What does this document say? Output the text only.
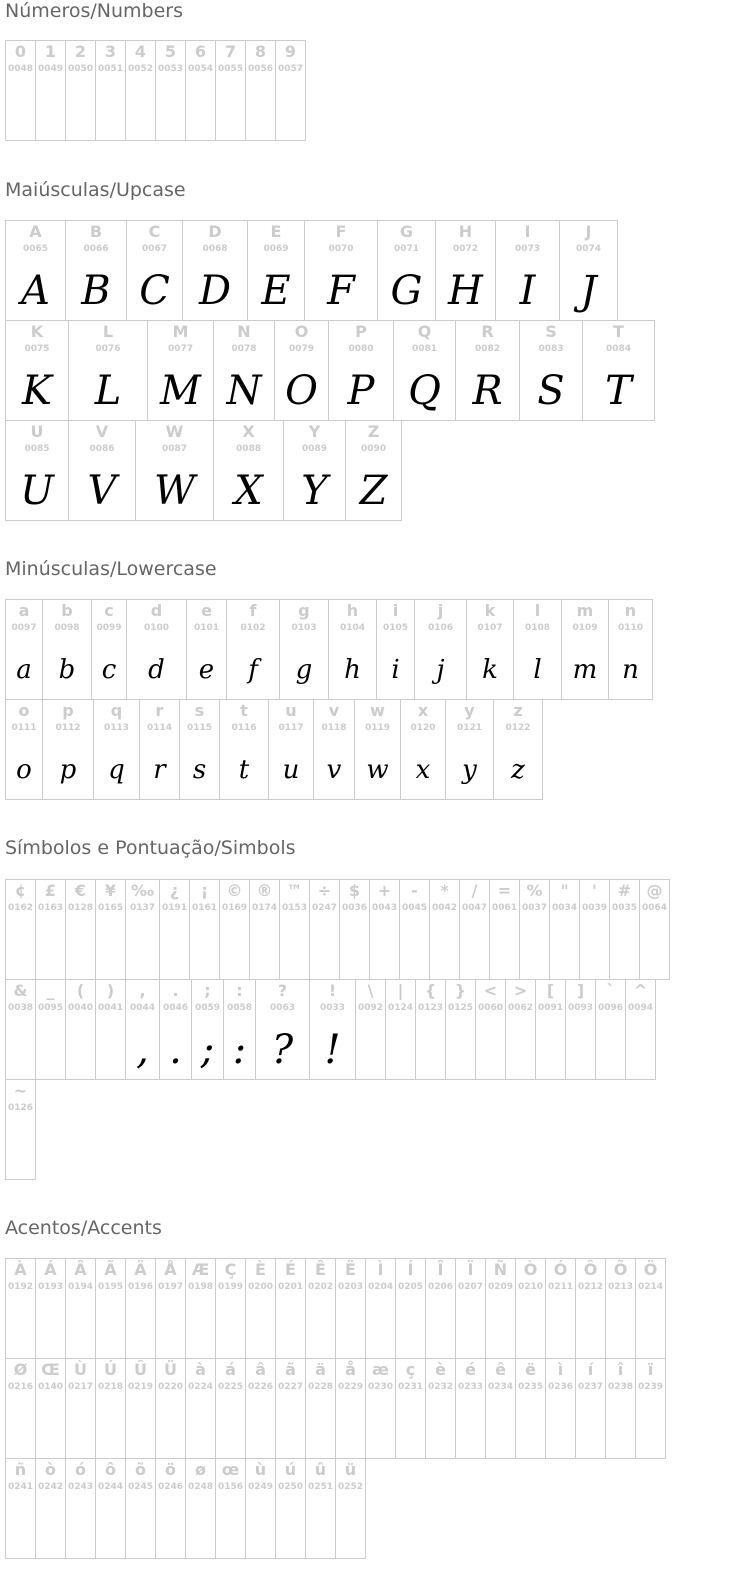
Números/Numbers
0
0048
1
0049
2
0050
3
0051
4
0052
5
0053
6
0054
7
0055
8
0056
9
0057
Maiúsculas/Upcase
A
0065
A
B
0066
B
C
0067
C
D
0068
D
E
0069
E
F
0070
F
G
0071
G
H
0072
H
I
0073
I
J
0074
J
K
0075
K
L
0076
L
M
0077
M
N
0078
N
O
0079
O
P
0080
P
Q
0081
Q
R
0082
R
S
0083
S
T
0084
T
U
0085
U
V
0086
V
W
0087
W
X
0088
X
Y
0089
Y
Z
0090
Z
Minúsculas/Lowercase
a
0097
a
b
0098
b
c
0099
c
d
0100
d
e
0101
e
f
0102
f
g
0103
g
h
0104
h
i
0105
i
j
0106
j
k
0107
k
l
0108
l
m
0109
m
n
0110
n
o
0111
o
p
0112
p
q
0113
q
r
0114
r
s
0115
s
t
0116
t
u
0117
u
v
0118
v
w
0119
w
x
0120
x
y
0121
y
z
0122
z
Símbolos e Pontuação/Simbols
¢
0162
£
0163
€
0128
¥
0165
‰
0137
¿
0191
¡
0161
©
0169
®
0174
™
0153
÷
0247
$
0036
+
0043
-
0045
*
0042
/
0047
=
0061
%
0037
"
0034
'
0039
#
0035
@
0064
&
0038
_
0095
(
0040
)
0041
,
0044
,
.
0046
.
;
0059
;
:
0058
:
?
0063
?
!
0033
!
\
0092
|
0124
{
0123
}
0125
<
0060
>
0062
[
0091
]
0093
`
0096
^
0094
~
0126
Acentos/Accents
À
0192
Á
0193
Â
0194
Ã
0195
Ä
0196
Å
0197
Æ
0198
Ç
0199
È
0200
É
0201
Ê
0202
Ë
0203
Ì
0204
Í
0205
Î
0206
Ï
0207
Ñ
0209
Ò
0210
Ó
0211
Ô
0212
Õ
0213
Ö
0214
Ø
0216
Œ
0140
Ù
0217
Ú
0218
Û
0219
Ü
0220
à
0224
á
0225
â
0226
ã
0227
ä
0228
å
0229
æ
0230
ç
0231
è
0232
é
0233
ê
0234
ë
0235
ì
0236
í
0237
î
0238
ï
0239
ñ
0241
ò
0242
ó
0243
ô
0244
õ
0245
ö
0246
ø
0248
œ
0156
ù
0249
ú
0250
û
0251
ü
0252
